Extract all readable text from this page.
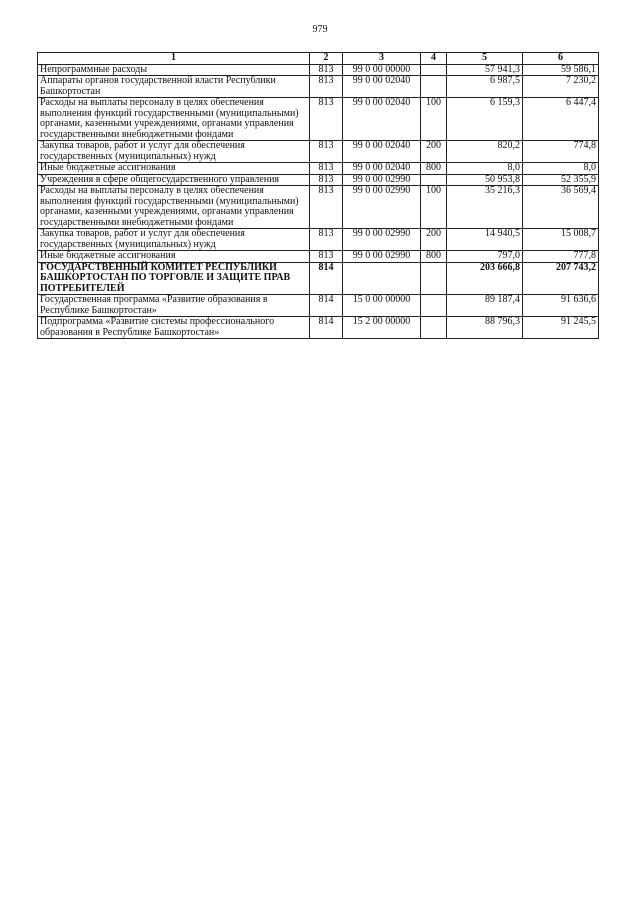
979
1	2	3	4	5	6
Непрограммные расходы	813	99 0 00 00000		57 941,3	59 586,1
Аппараты органов государственной власти Республики Башкортостан	813	99 0 00 02040		6 987,5	7 230,2
Расходы на выплаты персоналу в целях обеспечения выполнения функций государственными (муниципальными) органами, казенными учреждениями, органами управления государственными внебюджетными фондами	813	99 0 00 02040	100	6 159,3	6 447,4
Закупка товаров, работ и услуг для обеспечения государственных (муниципальных) нужд	813	99 0 00 02040	200	820,2	774,8
Иные бюджетные ассигнования	813	99 0 00 02040	800	8,0	8,0
Учреждения в сфере общегосударственного управления	813	99 0 00 02990		50 953,8	52 355,9
Расходы на выплаты персоналу в целях обеспечения выполнения функций государственными (муниципальными) органами, казенными учреждениями, органами управления государственными внебюджетными фондами	813	99 0 00 02990	100	35 216,3	36 569,4
Закупка товаров, работ и услуг для обеспечения государственных (муниципальных) нужд	813	99 0 00 02990	200	14 940,5	15 008,7
Иные бюджетные ассигнования	813	99 0 00 02990	800	797,0	777,8
ГОСУДАРСТВЕННЫЙ КОМИТЕТ РЕСПУБЛИКИ БАШКОРТОСТАН ПО ТОРГОВЛЕ И ЗАЩИТЕ ПРАВ ПОТРЕБИТЕЛЕЙ	814			203 666,8	207 743,2
Государственная программа «Развитие образования в Республике Башкортостан»	814	15 0 00 00000		89 187,4	91 636,6
Подпрограмма «Развитие системы профессионального образования в Республике Башкортостан»	814	15 2 00 00000		88 796,3	91 245,5
